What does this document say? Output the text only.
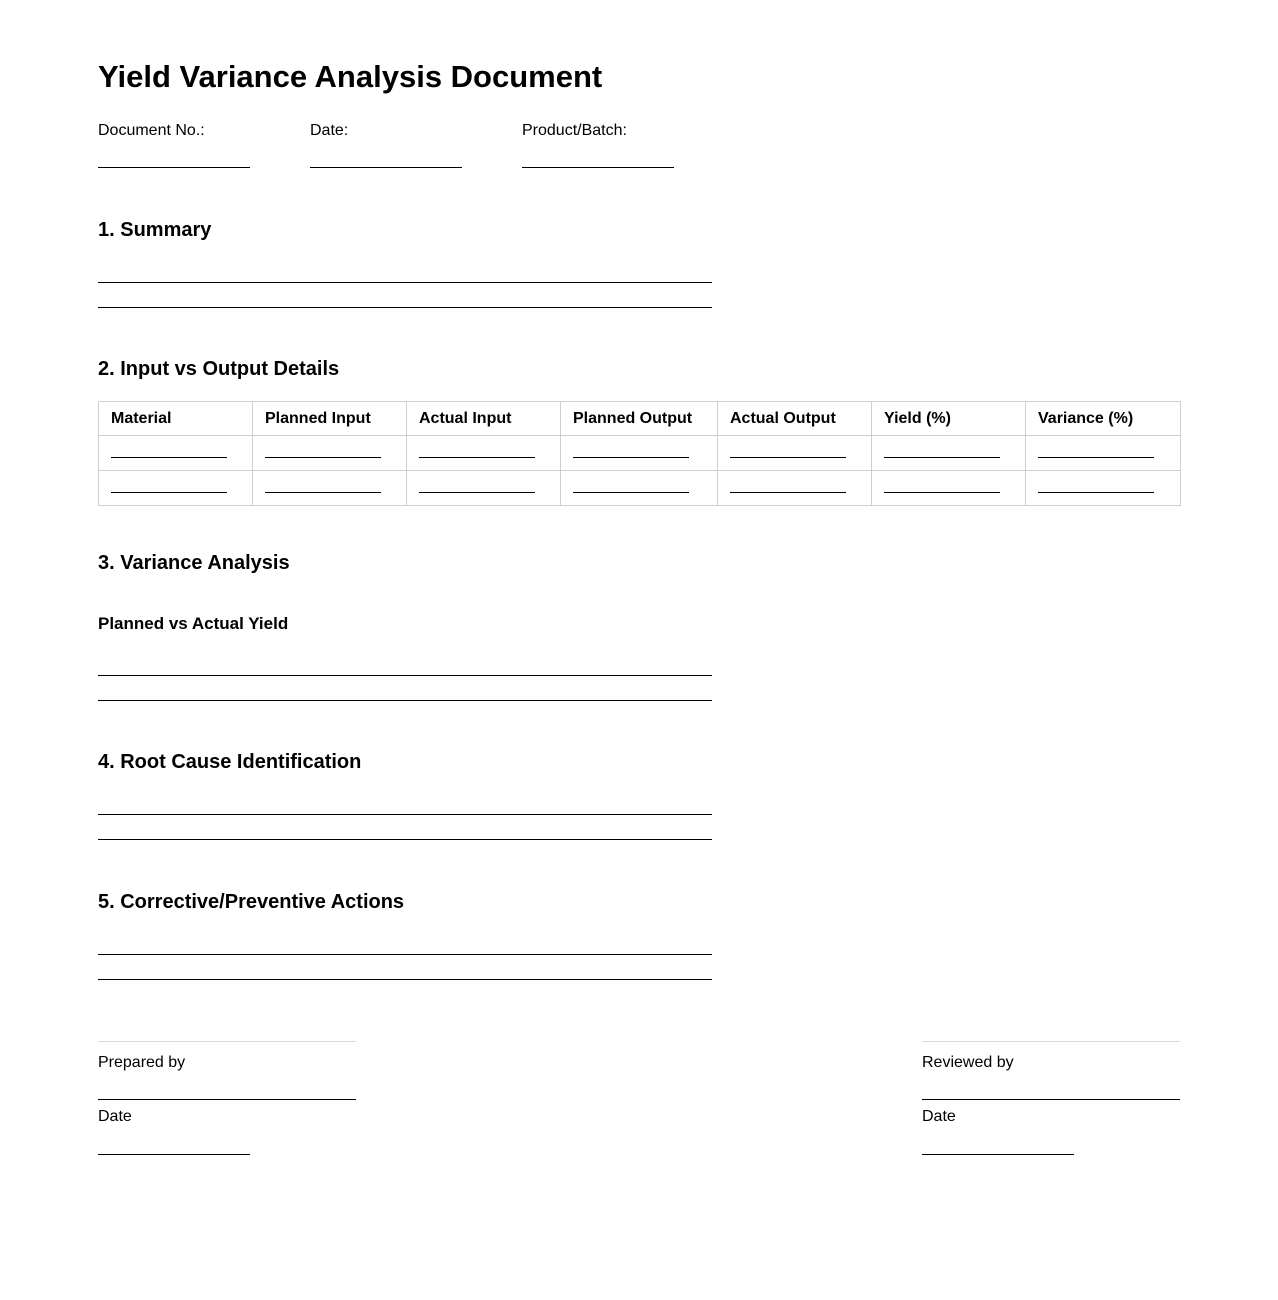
Yield Variance Analysis Document
Document No.:	Date:	Product/Batch:
1. Summary
2. Input vs Output Details
Material	Planned Input	Actual Input	Planned Output	Actual Output	Yield (%)	Variance (%)

3. Variance Analysis
Planned vs Actual Yield
4. Root Cause Identification
5. Corrective/Preventive Actions
Prepared by
Date
Reviewed by
Date
